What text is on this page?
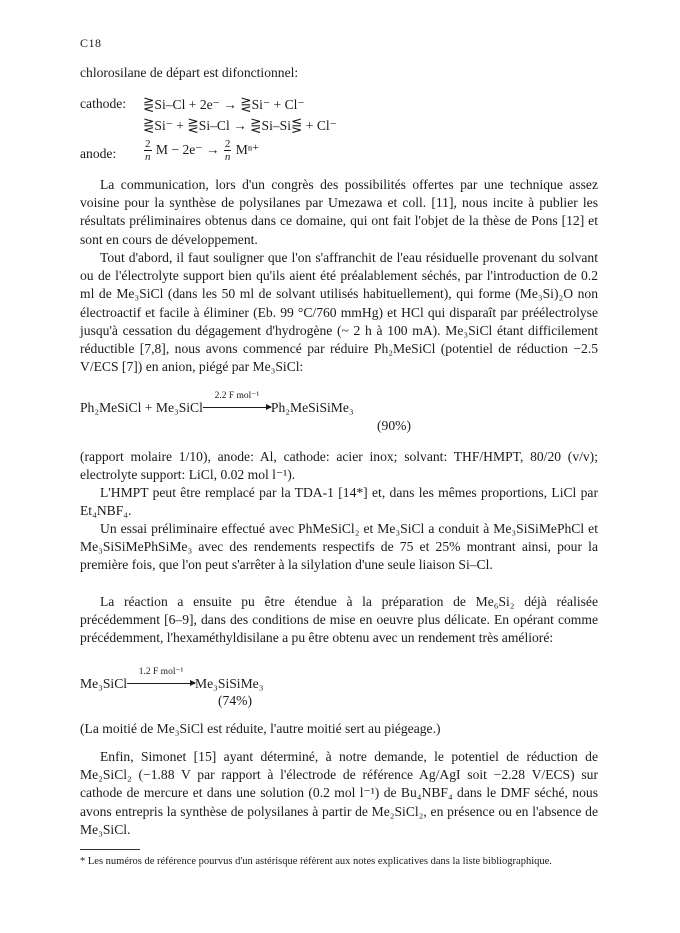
C18

chlorosilane de départ est difonctionnel:

cathode: ⋛Si–Cl + 2e⁻ → ⋛Si⁻ + Cl⁻
⋛Si⁻ + ⋛Si–Cl → ⋛Si–Si⋚ + Cl⁻
anode:	$\frac{2}{n}$ $M - 2e^- \to \frac{2}{n} M^{n+}$

La communication, lors d'un congrès des possibilités offertes par une technique assez voisine pour la synthèse de polysilanes par Umezawa et coll. [11], nous incite à publier les résultats préliminaires obtenus dans ce domaine, qui ont fait l'objet de la thèse de Pons [12] et sont en cours de développement.

Tout d'abord, il faut souligner que l'on s'affranchit de l'eau résiduelle provenant du solvant ou de l'électrolyte support bien qu'ils aient été préalablement séchés, par l'introduction de 0.2 ml de Me₃SiCl (dans les 50 ml de solvant utilisés habituellement), qui forme (Me₃Si)₂O non électroactif et facile à éliminer (Eb. 99 °C/760 mmHg) et HCl qui disparaît par préélectrolyse jusqu'à cessation du dégagement d'hydrogène (~ 2 h à 100 mA). Me₃SiCl étant difficilement réductible [7,8], nous avons commencé par réduire Ph₂MeSiCl (potentiel de réduction −2.5 V/ECS [7]) en anion, piégé par Me₃SiCl:

Ph₂MeSiCl + Me₃SiCl
2.2 F mol⁻¹
Ph₂MeSiSiMe₃
(90%)

(rapport molaire 1/10), anode: Al, cathode: acier inox; solvant: THF/HMPT, 80/20 (v/v); electrolyte support: LiCl, 0.02 mol l⁻¹).

L'HMPT peut être remplacé par la TDA-1 [14*] et, dans les mêmes proportions, LiCl par Et₄NBF₄.

Un essai préliminaire effectué avec PhMeSiCl₂ et Me₃SiCl a conduit à Me₃SiSiMePhCl et Me₃SiSiMePhSiMe₃ avec des rendements respectifs de 75 et 25% montrant ainsi, pour la première fois, que l'on peut s'arrêter à la silylation d'une seule liaison Si–Cl.

La réaction a ensuite pu être étendue à la préparation de Me₆Si₂ déjà réalisée précédemment [6–9], dans des conditions de mise en oeuvre plus délicate. En opérant comme précédemment, l'hexaméthyldisilane a pu être obtenu avec un rendement très amélioré:

Me₃SiCl
1.2 F mol⁻¹
Me₃SiSiMe₃
(74%)

(La moitié de Me₃SiCl est réduite, l'autre moitié sert au piégeage.)

Enfin, Simonet [15] ayant déterminé, à notre demande, le potentiel de réduction de Me₂SiCl₂ (−1.88 V par rapport à l'électrode de référence Ag/AgI soit −2.28 V/ECS) sur cathode de mercure et dans une solution (0.2 mol l⁻¹) de Bu₄NBF₄ dans le DMF séché, nous avons entrepris la synthèse de polysilanes à partir de Me₂SiCl₂, en présence ou en l'absence de Me₃SiCl.

* Les numéros de référence pourvus d'un astérisque réfèrent aux notes explicatives dans la liste bibliographique.
